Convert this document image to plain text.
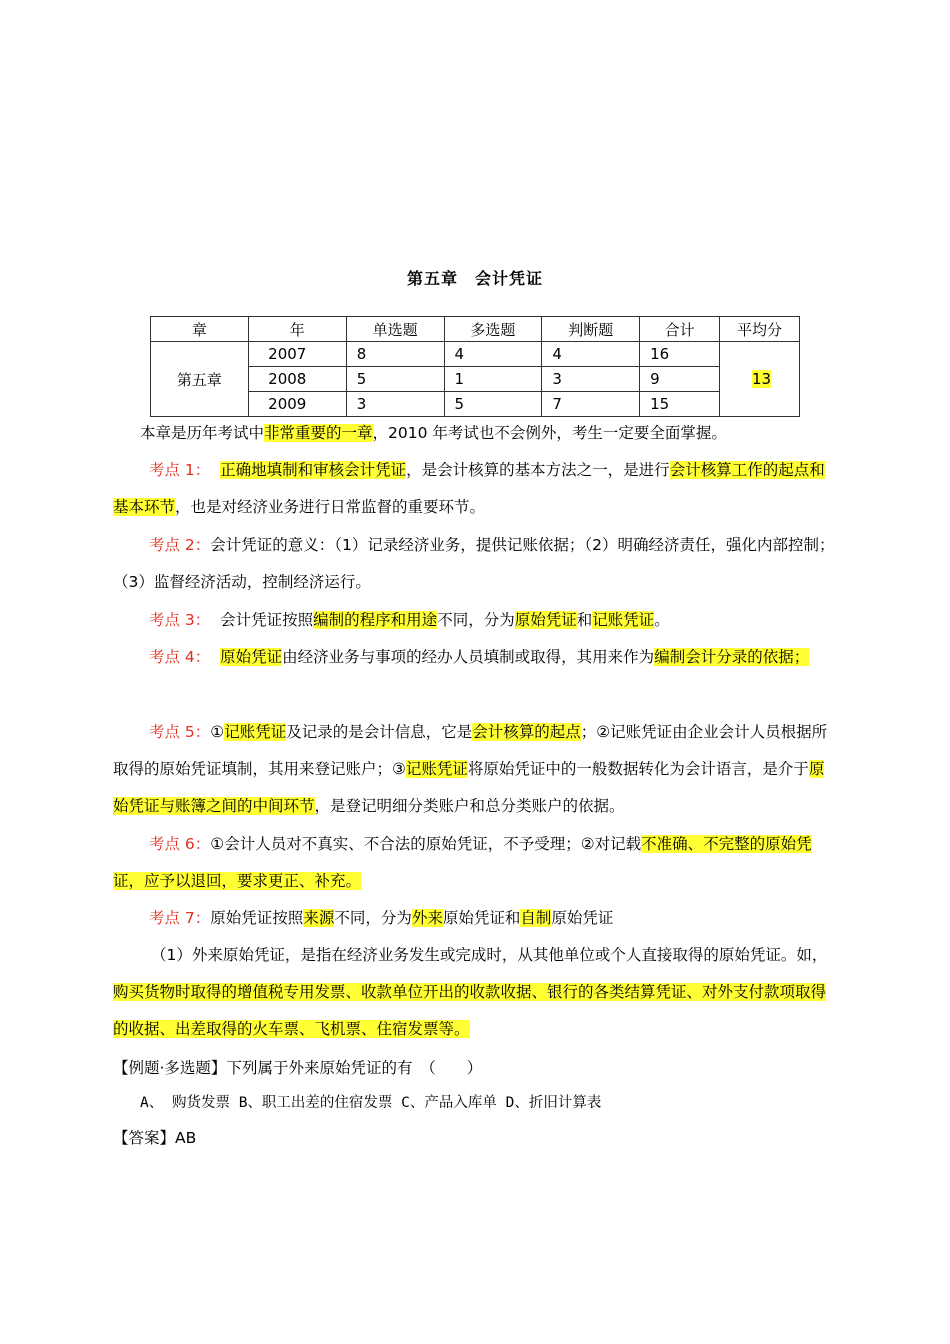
第五章　会计凭证
章	年	单选题	多选题	判断题	合计	平均分
第五章	2007	8	4	4	16	13
	2008	5	1	3	9	
	2009	3	5	7	15	
本章是历年考试中非常重要的一章，2010 年考试也不会例外，考生一定要全面掌握。
考点 1： 正确地填制和审核会计凭证，是会计核算的基本方法之一，是进行会计核算工作的起点和基本环节，也是对经济业务进行日常监督的重要环节。
考点 2：会计凭证的意义：（1）记录经济业务，提供记账依据；（2）明确经济责任，强化内部控制；（3）监督经济活动，控制经济运行。
考点 3： 会计凭证按照编制的程序和用途不同，分为原始凭证和记账凭证。
考点 4： 原始凭证由经济业务与事项的经办人员填制或取得，其用来作为编制会计分录的依据；
考点 5：①记账凭证及记录的是会计信息，它是会计核算的起点；②记账凭证由企业会计人员根据所取得的原始凭证填制，其用来登记账户；③记账凭证将原始凭证中的一般数据转化为会计语言，是介于原始凭证与账簿之间的中间环节，是登记明细分类账户和总分类账户的依据。
考点 6：①会计人员对不真实、不合法的原始凭证，不予受理；②对记载不准确、不完整的原始凭证，应予以退回，要求更正、补充。
考点 7：原始凭证按照来源不同，分为外来原始凭证和自制原始凭证
（1）外来原始凭证，是指在经济业务发生或完成时，从其他单位或个人直接取得的原始凭证。如，购买货物时取得的增值税专用发票、收款单位开出的收款收据、银行的各类结算凭证、对外支付款项取得的收据、出差取得的火车票、飞机票、住宿发票等。
【例题·多选题】下列属于外来原始凭证的有　（　　）
A、 购货发票 B、职工出差的住宿发票 C、产品入库单 D、折旧计算表
【答案】AB
